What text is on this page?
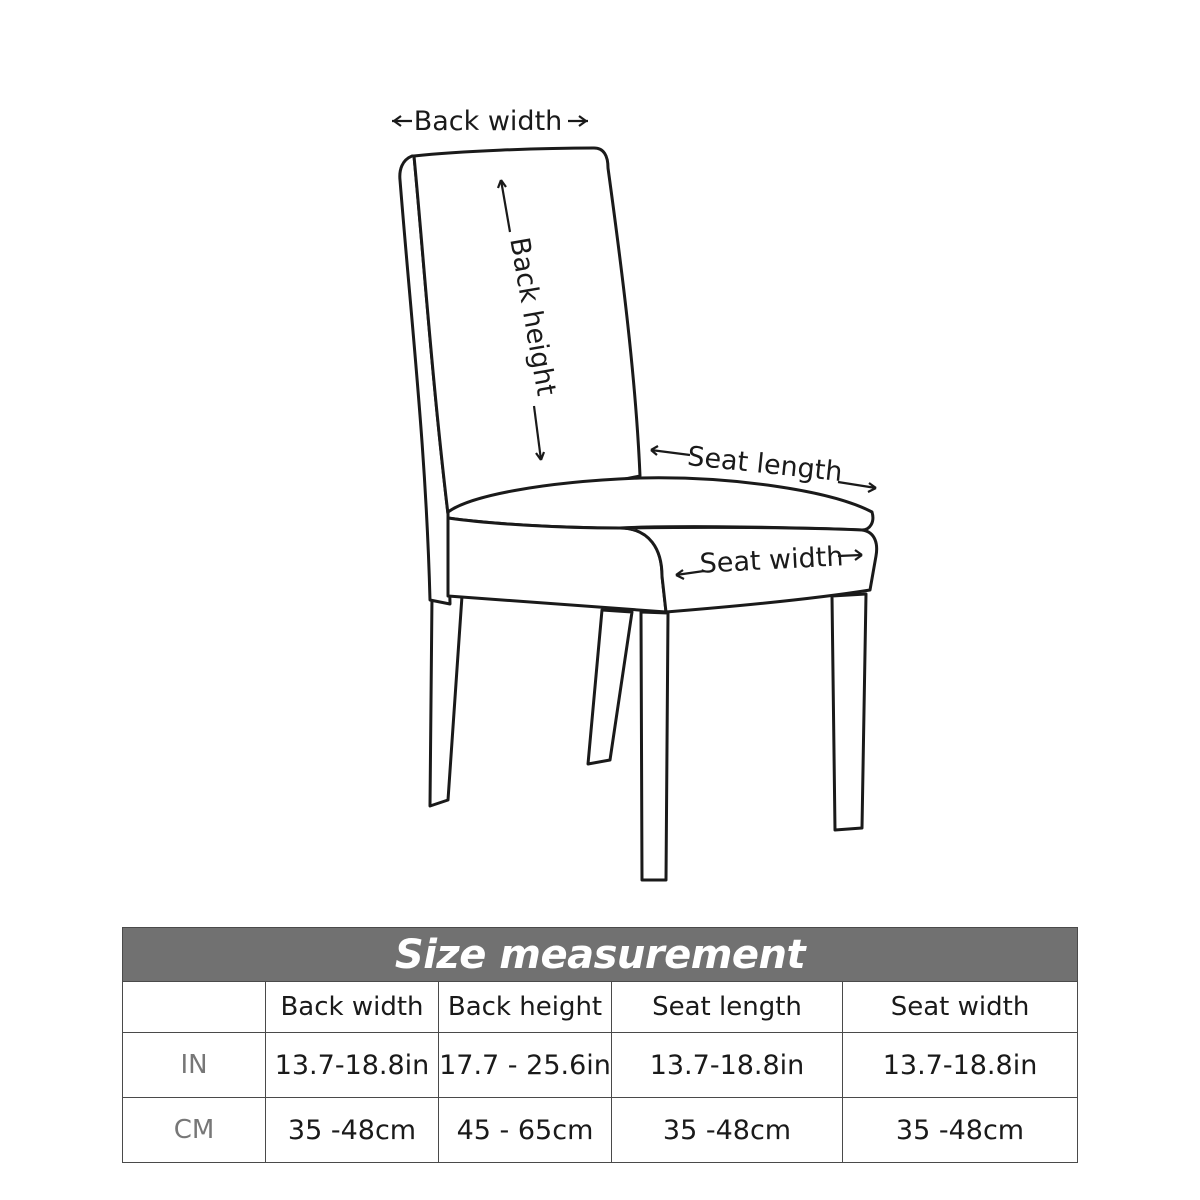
Back width
Back height
Seat length
Seat width
Size measurement				
	Back width	Back height	Seat length	Seat width
IN	13.7-18.8in	17.7 - 25.6in	13.7-18.8in	13.7-18.8in
CM	35 -48cm	45 - 65cm	35 -48cm	35 -48cm
